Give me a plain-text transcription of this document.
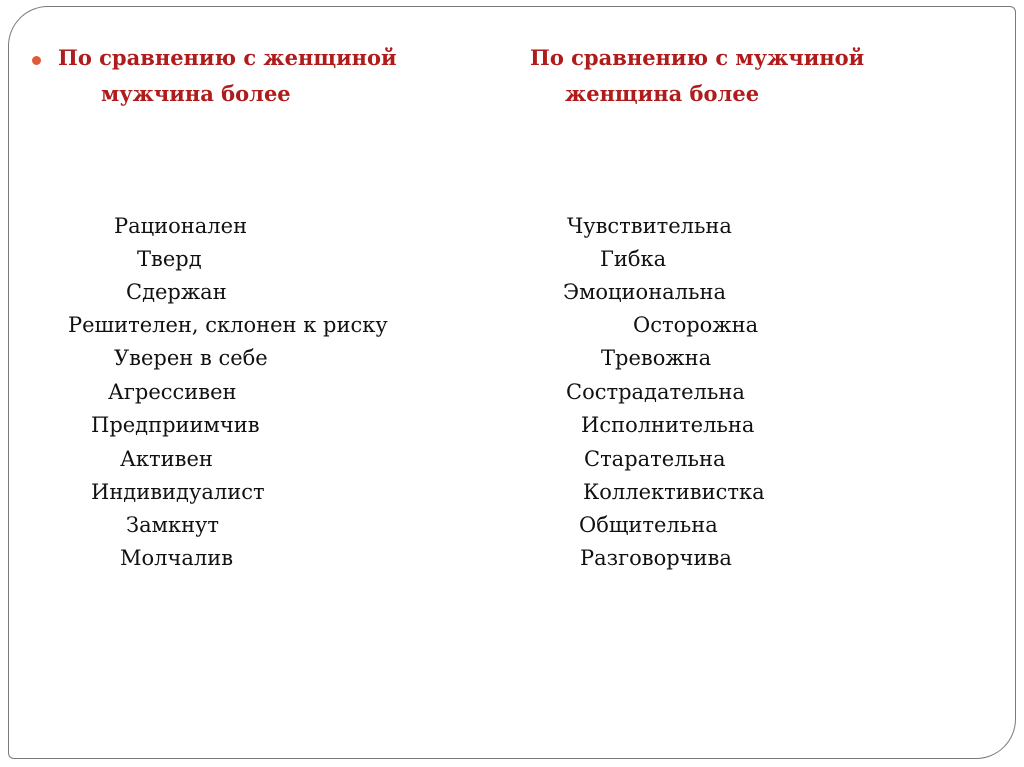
По сравнению с женщиной
мужчина более
По сравнению с мужчиной
женщина более
Рационален
Тверд
Сдержан
Решителен, склонен к риску
Уверен в себе
Агрессивен
Предприимчив
Активен
Индивидуалист
Замкнут
Молчалив
Чувствительна
Гибка
Эмоциональна
Осторожна
Тревожна
Сострадательна
Исполнительна
Старательна
Коллективистка
Общительна
Разговорчива
